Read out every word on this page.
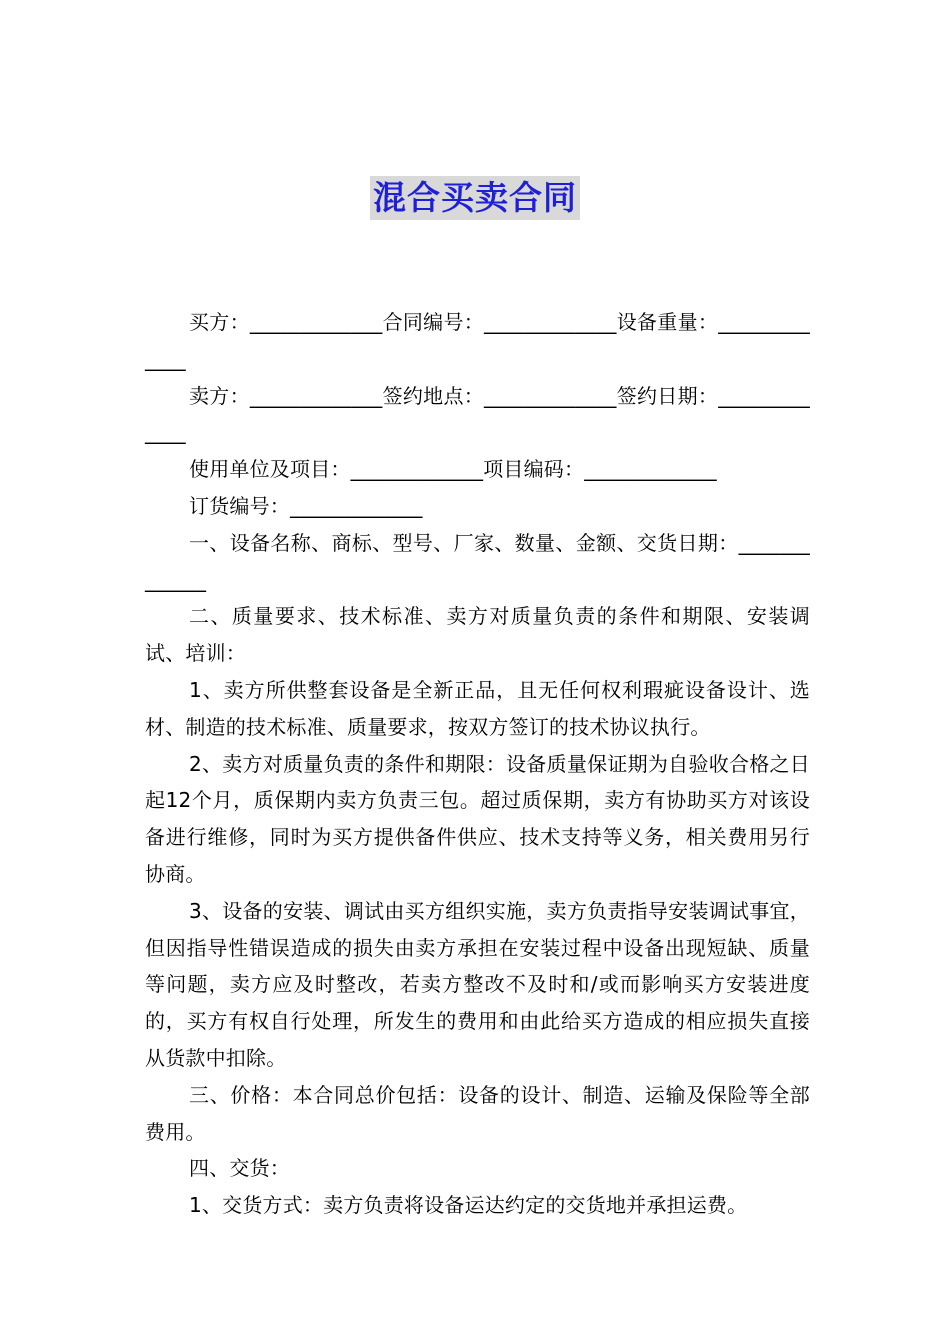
混合买卖合同

买方：_____________合同编号：_____________设备重量：_____________

卖方：_____________签约地点：_____________签约日期：_____________

使用单位及项目：_____________项目编码：_____________

订货编号：_____________

一、设备名称、商标、型号、厂家、数量、金额、交货日期：_____________

二、质量要求、技术标准、卖方对质量负责的条件和期限、安装调试、培训：

1、卖方所供整套设备是全新正品，且无任何权利瑕疵设备设计、选材、制造的技术标准、质量要求，按双方签订的技术协议执行。

2、卖方对质量负责的条件和期限：设备质量保证期为自验收合格之日起12个月，质保期内卖方负责三包。超过质保期，卖方有协助买方对该设备进行维修，同时为买方提供备件供应、技术支持等义务，相关费用另行协商。

3、设备的安装、调试由买方组织实施，卖方负责指导安装调试事宜，但因指导性错误造成的损失由卖方承担在安装过程中设备出现短缺、质量等问题，卖方应及时整改，若卖方整改不及时和/或而影响买方安装进度的，买方有权自行处理，所发生的费用和由此给买方造成的相应损失直接从货款中扣除。

三、价格：本合同总价包括：设备的设计、制造、运输及保险等全部费用。

四、交货：

1、交货方式：卖方负责将设备运达约定的交货地并承担运费。
